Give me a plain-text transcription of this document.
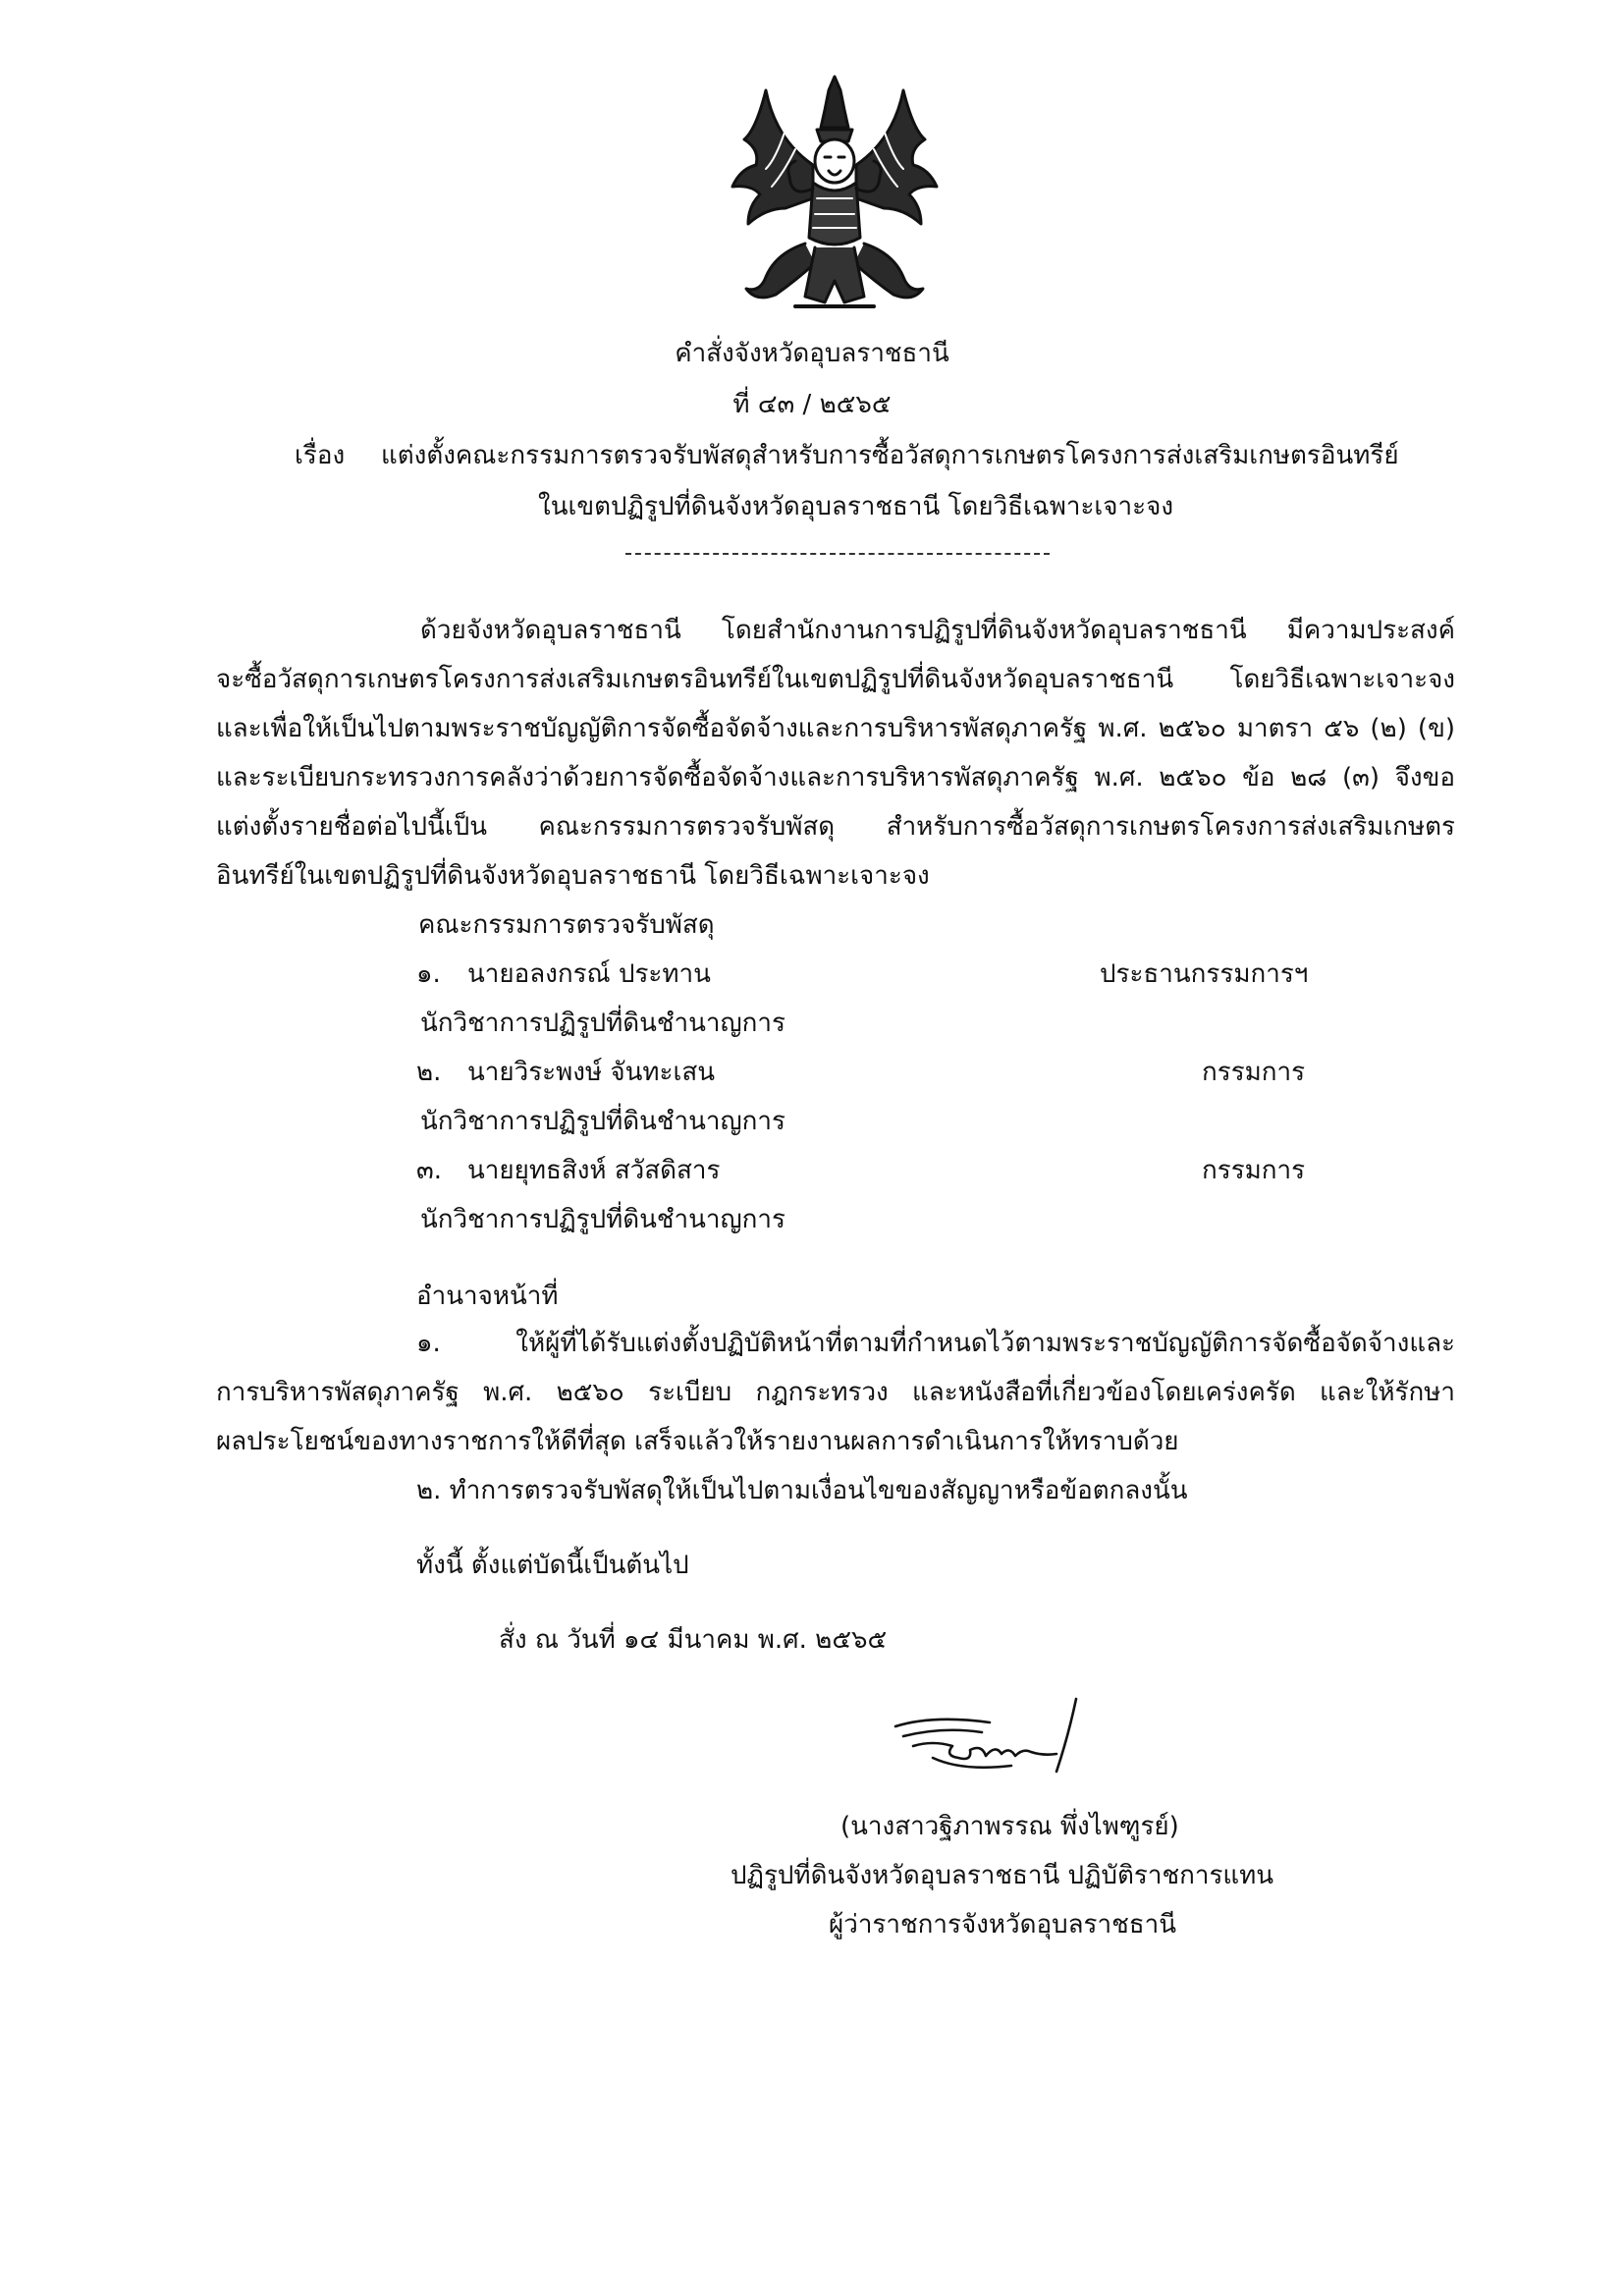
คำสั่งจังหวัดอุบลราชธานี
ที่ ๔๓ / ๒๕๖๕
เรื่อง แต่งตั้งคณะกรรมการตรวจรับพัสดุสำหรับการซื้อวัสดุการเกษตรโครงการส่งเสริมเกษตรอินทรีย์
ในเขตปฏิรูปที่ดินจังหวัดอุบลราชธานี โดยวิธีเฉพาะเจาะจง
ด้วยจังหวัดอุบลราชธานี โดยสำนักงานการปฏิรูปที่ดินจังหวัดอุบลราชธานี มีความประสงค์
จะซื้อวัสดุการเกษตรโครงการส่งเสริมเกษตรอินทรีย์ในเขตปฏิรูปที่ดินจังหวัดอุบลราชธานี โดยวิธีเฉพาะเจาะจง
และเพื่อให้เป็นไปตามพระราชบัญญัติการจัดซื้อจัดจ้างและการบริหารพัสดุภาครัฐ พ.ศ. ๒๕๖๐ มาตรา ๕๖ (๒) (ข)
และระเบียบกระทรวงการคลังว่าด้วยการจัดซื้อจัดจ้างและการบริหารพัสดุภาครัฐ พ.ศ. ๒๕๖๐ ข้อ ๒๘ (๓) จึงขอ
แต่งตั้งรายชื่อต่อไปนี้เป็น คณะกรรมการตรวจรับพัสดุ สำหรับการซื้อวัสดุการเกษตรโครงการส่งเสริมเกษตร
อินทรีย์ในเขตปฏิรูปที่ดินจังหวัดอุบลราชธานี โดยวิธีเฉพาะเจาะจง
คณะกรรมการตรวจรับพัสดุ
๑. นายอลงกรณ์ ประทาน	ประธานกรรมการฯ
นักวิชาการปฏิรูปที่ดินชำนาญการ
๒. นายวิระพงษ์ จันทะเสน	กรรมการ
นักวิชาการปฏิรูปที่ดินชำนาญการ
๓. นายยุทธสิงห์ สวัสดิสาร	กรรมการ
นักวิชาการปฏิรูปที่ดินชำนาญการ
อำนาจหน้าที่
๑. ให้ผู้ที่ได้รับแต่งตั้งปฏิบัติหน้าที่ตามที่กำหนดไว้ตามพระราชบัญญัติการจัดซื้อจัดจ้างและ
การบริหารพัสดุภาครัฐ พ.ศ. ๒๕๖๐ ระเบียบ กฎกระทรวง และหนังสือที่เกี่ยวข้องโดยเคร่งครัด และให้รักษา
ผลประโยชน์ของทางราชการให้ดีที่สุด เสร็จแล้วให้รายงานผลการดำเนินการให้ทราบด้วย
๒. ทำการตรวจรับพัสดุให้เป็นไปตามเงื่อนไขของสัญญาหรือข้อตกลงนั้น
ทั้งนี้ ตั้งแต่บัดนี้เป็นต้นไป
สั่ง ณ วันที่ ๑๔ มีนาคม พ.ศ. ๒๕๖๕
(นางสาวฐิภาพรรณ พึ่งไพฑูรย์)
ปฏิรูปที่ดินจังหวัดอุบลราชธานี ปฏิบัติราชการแทน
ผู้ว่าราชการจังหวัดอุบลราชธานี
